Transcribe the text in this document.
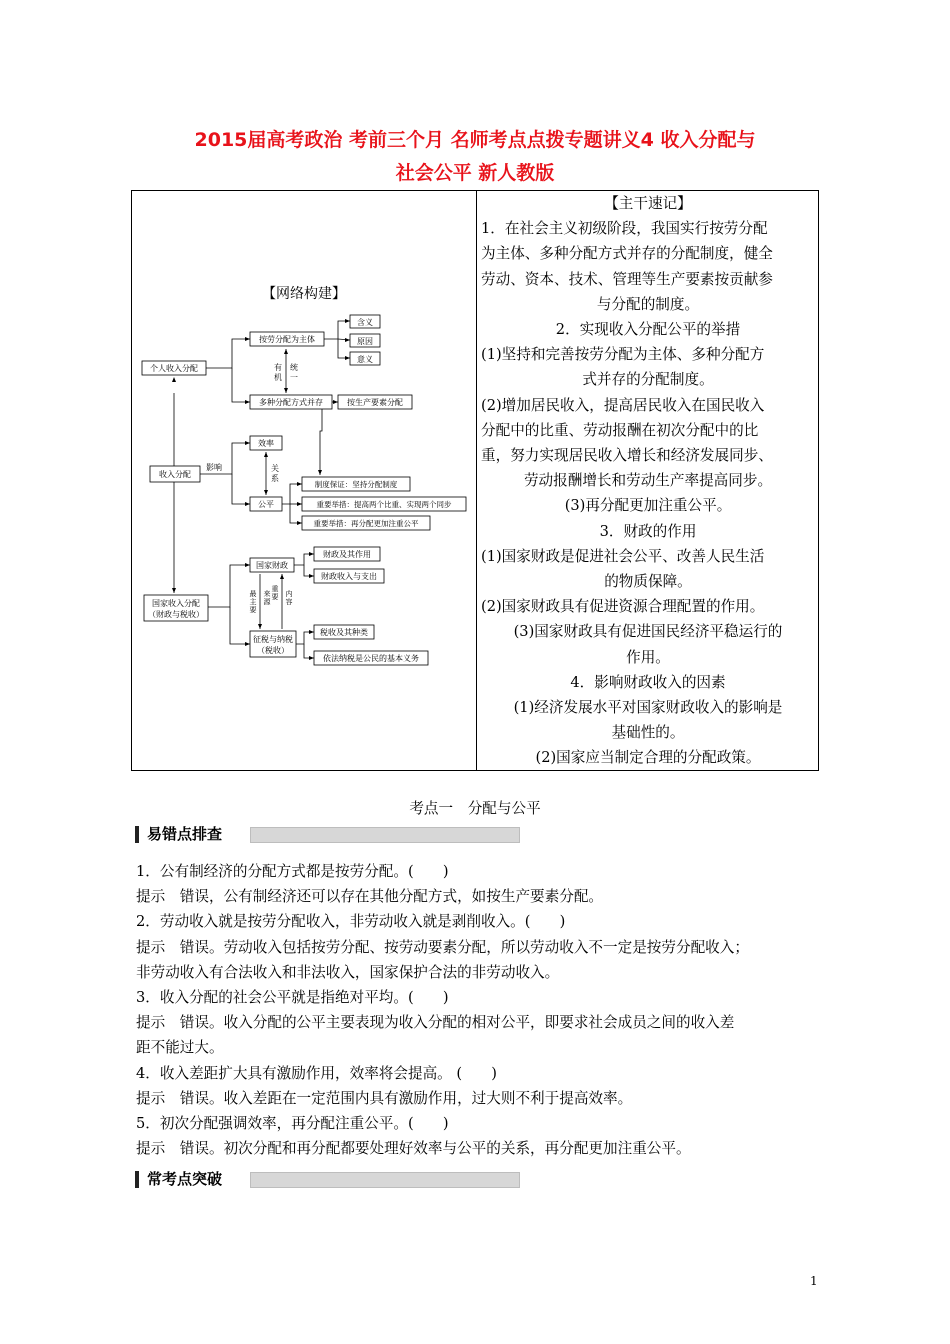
2015届高考政治 考前三个月 名师考点点拨专题讲义4 收入分配与
社会公平 新人教版
【网络构建】
个人收入分配
按劳分配为主体
含义
原因
意义
有
机
统
一
多种分配方式并存	按生产要素分配
效率
收入分配
影响	关
系
公平
制度保证：坚持分配制度
重要举措：提高两个比重、实现两个同步
重要举措：再分配更加注重公平
国家财政
财政及其作用
财政收入与支出
国家收入分配
（财政与税收）
最
主
要
来
源
重
要 内
容
征税与纳税
（税收）
税收及其种类
依法纳税是公民的基本义务
【主干速记】
1．在社会主义初级阶段，我国实行按劳分配
为主体、多种分配方式并存的分配制度，健全
劳动、资本、技术、管理等生产要素按贡献参
与分配的制度。
2．实现收入分配公平的举措
(1)坚持和完善按劳分配为主体、多种分配方
式并存的分配制度。
(2)增加居民收入，提高居民收入在国民收入
分配中的比重、劳动报酬在初次分配中的比
重，努力实现居民收入增长和经济发展同步、
劳动报酬增长和劳动生产率提高同步。
(3)再分配更加注重公平。
3．财政的作用
(1)国家财政是促进社会公平、改善人民生活
的物质保障。
(2)国家财政具有促进资源合理配置的作用。
(3)国家财政具有促进国民经济平稳运行的
作用。
4．影响财政收入的因素
(1)经济发展水平对国家财政收入的影响是
基础性的。
(2)国家应当制定合理的分配政策。
考点一　分配与公平
易错点排查
1．公有制经济的分配方式都是按劳分配。(　　)
提示　错误，公有制经济还可以存在其他分配方式，如按生产要素分配。
2．劳动收入就是按劳分配收入，非劳动收入就是剥削收入。(　　)
提示　错误。劳动收入包括按劳分配、按劳动要素分配，所以劳动收入不一定是按劳分配收入；
非劳动收入有合法收入和非法收入，国家保护合法的非劳动收入。
3．收入分配的社会公平就是指绝对平均。(　　)
提示　错误。收入分配的公平主要表现为收入分配的相对公平，即要求社会成员之间的收入差
距不能过大。
4．收入差距扩大具有激励作用，效率将会提高。 (　　)
提示　错误。收入差距在一定范围内具有激励作用，过大则不利于提高效率。
5．初次分配强调效率，再分配注重公平。(　　)
提示　错误。初次分配和再分配都要处理好效率与公平的关系，再分配更加注重公平。
常考点突破
1
